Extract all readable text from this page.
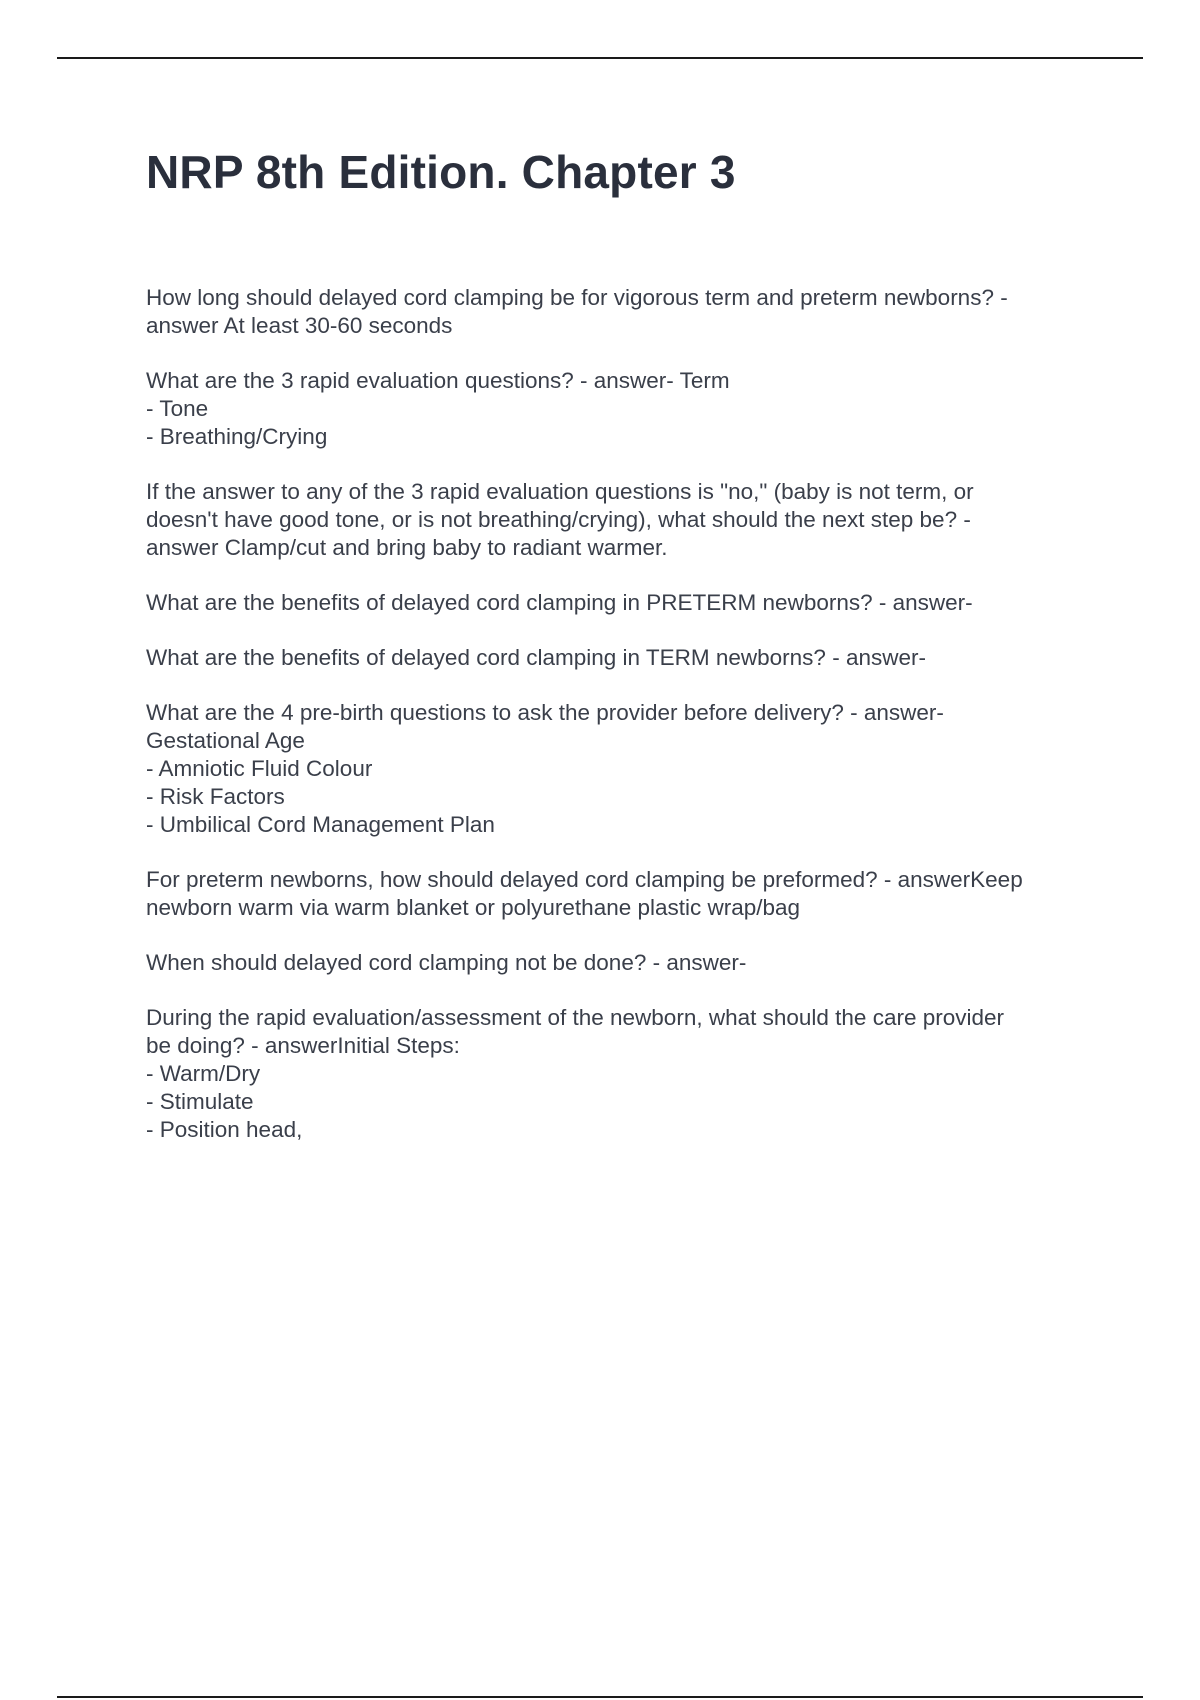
NRP 8th Edition. Chapter 3

How long should delayed cord clamping be for vigorous term and preterm newborns? -
answer At least 30-60 seconds

What are the 3 rapid evaluation questions? - answer- Term
- Tone
- Breathing/Crying

If the answer to any of the 3 rapid evaluation questions is "no," (baby is not term, or
doesn't have good tone, or is not breathing/crying), what should the next step be? -
answer Clamp/cut and bring baby to radiant warmer.

What are the benefits of delayed cord clamping in PRETERM newborns? - answer-

What are the benefits of delayed cord clamping in TERM newborns? - answer-

What are the 4 pre-birth questions to ask the provider before delivery? - answer-
Gestational Age
- Amniotic Fluid Colour
- Risk Factors
- Umbilical Cord Management Plan

For preterm newborns, how should delayed cord clamping be preformed? - answerKeep
newborn warm via warm blanket or polyurethane plastic wrap/bag

When should delayed cord clamping not be done? - answer-

During the rapid evaluation/assessment of the newborn, what should the care provider
be doing? - answerInitial Steps:
- Warm/Dry
- Stimulate
- Position head,
